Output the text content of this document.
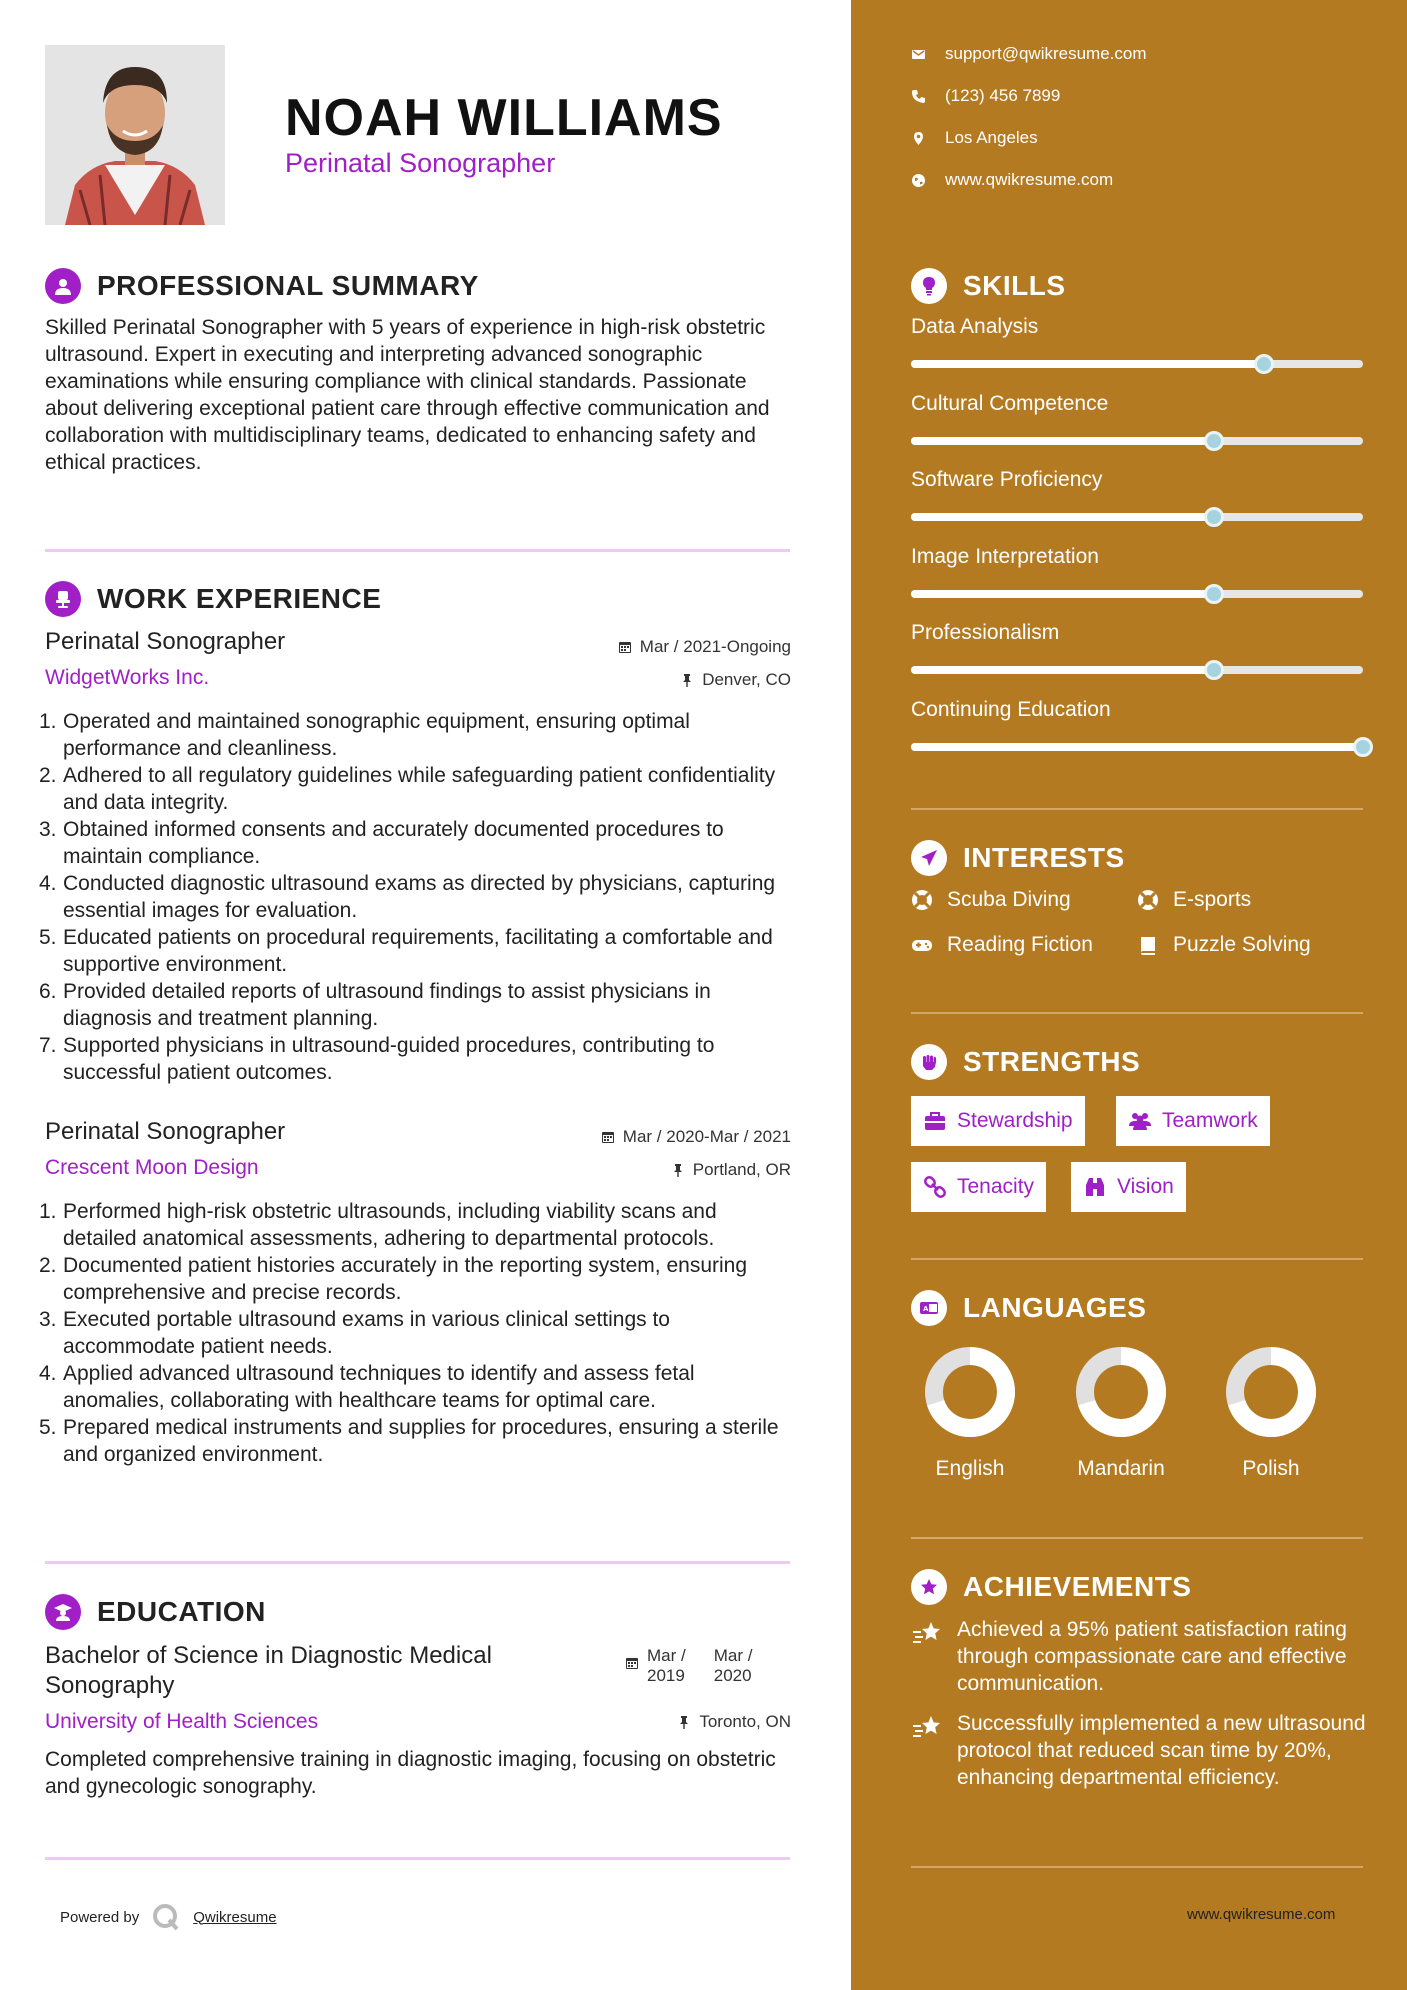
NOAH WILLIAMS
Perinatal Sonographer
PROFESSIONAL SUMMARY
Skilled Perinatal Sonographer with 5 years of experience in high-risk obstetric ultrasound. Expert in executing and interpreting advanced sonographic examinations while ensuring compliance with clinical standards. Passionate about delivering exceptional patient care through effective communication and collaboration with multidisciplinary teams, dedicated to enhancing safety and ethical practices.
WORK EXPERIENCE
Perinatal Sonographer	Mar / 2021-Ongoing
WidgetWorks Inc.	Denver, CO
1. Operated and maintained sonographic equipment, ensuring optimal performance and cleanliness.
2. Adhered to all regulatory guidelines while safeguarding patient confidentiality and data integrity.
3. Obtained informed consents and accurately documented procedures to maintain compliance.
4. Conducted diagnostic ultrasound exams as directed by physicians, capturing essential images for evaluation.
5. Educated patients on procedural requirements, facilitating a comfortable and supportive environment.
6. Provided detailed reports of ultrasound findings to assist physicians in diagnosis and treatment planning.
7. Supported physicians in ultrasound-guided procedures, contributing to successful patient outcomes.
Perinatal Sonographer	Mar / 2020-Mar / 2021
Crescent Moon Design	Portland, OR
1. Performed high-risk obstetric ultrasounds, including viability scans and detailed anatomical assessments, adhering to departmental protocols.
2. Documented patient histories accurately in the reporting system, ensuring comprehensive and precise records.
3. Executed portable ultrasound exams in various clinical settings to accommodate patient needs.
4. Applied advanced ultrasound techniques to identify and assess fetal anomalies, collaborating with healthcare teams for optimal care.
5. Prepared medical instruments and supplies for procedures, ensuring a sterile and organized environment.
EDUCATION
Bachelor of Science in Diagnostic Medical Sonography
Mar /
2019
Mar /
2020
University of Health Sciences	Toronto, ON
Completed comprehensive training in diagnostic imaging, focusing on obstetric and gynecologic sonography.
Powered by	Qwikresume
support@qwikresume.com
(123) 456 7899
Los Angeles
www.qwikresume.com
SKILLS
Data Analysis
Cultural Competence
Software Proficiency
Image Interpretation
Professionalism
Continuing Education
INTERESTS
Scuba Diving	E-sports
Reading Fiction	Puzzle Solving
STRENGTHS
Stewardship	Teamwork
Tenacity	Vision
A LANGUAGES
English	Mandarin	Polish
ACHIEVEMENTS
Achieved a 95% patient satisfaction rating through compassionate care and effective communication.
Successfully implemented a new ultrasound protocol that reduced scan time by 20%, enhancing departmental efficiency.
www.qwikresume.com
